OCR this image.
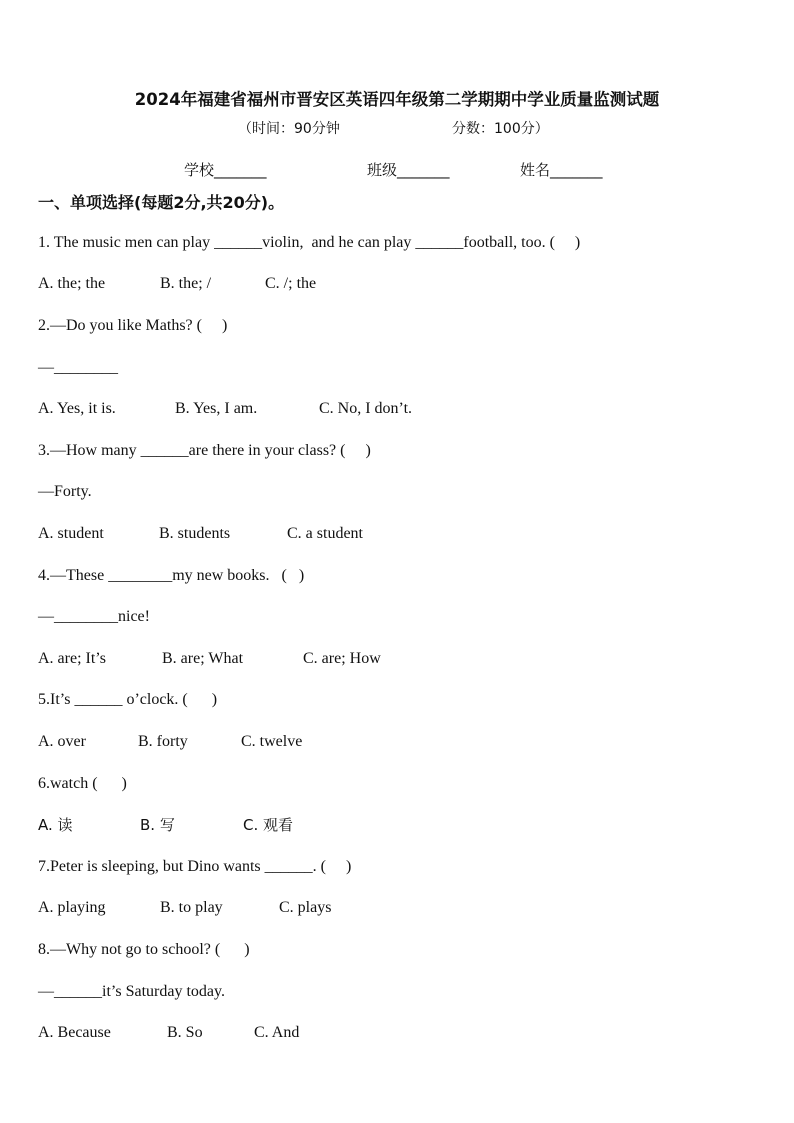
2024年福建省福州市晋安区英语四年级第二学期期中学业质量监测试题
（时间：90分钟	分数：100分）
学校_______	班级_______	姓名_______
一、单项选择(每题2分,共20分)。
1. The music men can play ______violin,  and he can play ______football, too. (     )
A. the; the	B. the; /	C. /; the
2.—Do you like Maths? (     )
—________
A. Yes, it is.	B. Yes, I am.	C. No, I don’t.
3.—How many ______are there in your class? (     )
—Forty.
A. student	B. students	C. a student
4.—These ________my new books.   (   )
—________nice!
A. are; It’s	B. are; What	C. are; How
5.It’s ______ o’clock. (      )
A. over	B. forty	C. twelve
6.watch (      )
A. 读	B. 写	C. 观看
7.Peter is sleeping, but Dino wants ______. (     )
A. playing	B. to play	C. plays
8.—Why not go to school? (      )
—______it’s Saturday today.
A. Because	B. So	C. And
